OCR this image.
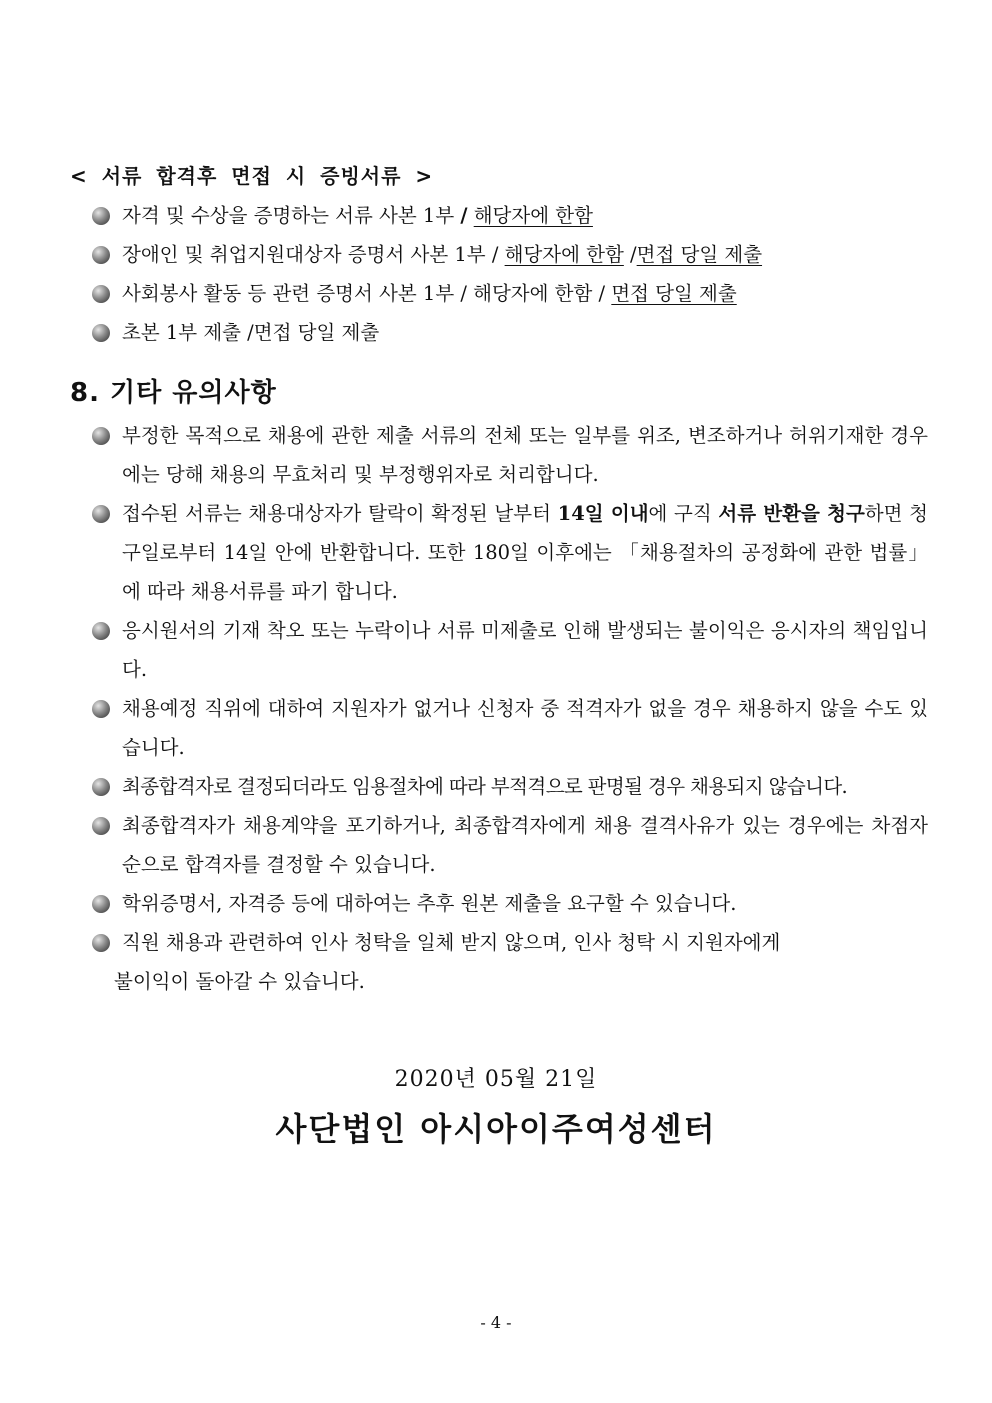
< 서류 합격후 면접 시 증빙서류 >
자격 및 수상을 증명하는 서류 사본 1부 / 해당자에 한함
장애인 및 취업지원대상자 증명서 사본 1부 / 해당자에 한함 /면접 당일 제출
사회봉사 활동 등 관련 증명서 사본 1부 / 해당자에 한함 / 면접 당일 제출
초본 1부 제출 /면접 당일 제출
8. 기타 유의사항
부정한 목적으로 채용에 관한 제출 서류의 전체 또는 일부를 위조, 변조하거나 허위기재한 경우에는 당해 채용의 무효처리 및 부정행위자로 처리합니다.
접수된 서류는 채용대상자가 탈락이 확정된 날부터 14일 이내에 구직 서류 반환을 청구하면 청구일로부터 14일 안에 반환합니다. 또한 180일 이후에는 「채용절차의 공정화에 관한 법률」에 따라 채용서류를 파기 합니다.
응시원서의 기재 착오 또는 누락이나 서류 미제출로 인해 발생되는 불이익은 응시자의 책임입니다.
채용예정 직위에 대하여 지원자가 없거나 신청자 중 적격자가 없을 경우 채용하지 않을 수도 있습니다.
최종합격자로 결정되더라도 임용절차에 따라 부적격으로 판명될 경우 채용되지 않습니다.
최종합격자가 채용계약을 포기하거나, 최종합격자에게 채용 결격사유가 있는 경우에는 차점자 순으로 합격자를 결정할 수 있습니다.
학위증명서, 자격증 등에 대하여는 추후 원본 제출을 요구할 수 있습니다.
직원 채용과 관련하여 인사 청탁을 일체 받지 않으며, 인사 청탁 시 지원자에게
불이익이 돌아갈 수 있습니다.
2020년 05월 21일
사단법인 아시아이주여성센터
- 4 -
